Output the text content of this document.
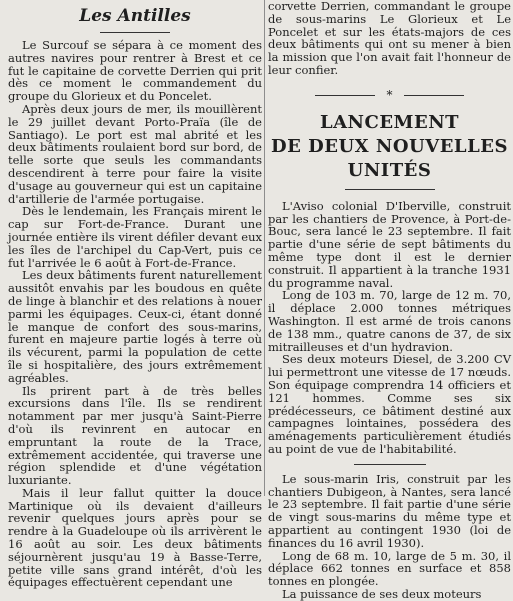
Les Antilles

Le Surcouf se sépara à ce moment des autres navires pour rentrer à Brest et ce fut le capitaine de corvette Derrien qui prit dès ce moment le commandement du groupe du Glorieux et du Poncelet.

Après deux jours de mer, ils mouillèrent le 29 juillet devant Porto-Praïa (île de Santiago). Le port est mal abrité et les deux bâtiments roulaient bord sur bord, de telle sorte que seuls les commandants descendirent à terre pour faire la visite d'usage au gouverneur qui est un capitaine d'artillerie de l'armée portugaise.

Dès le lendemain, les Français mirent le cap sur Fort-de-France. Durant une journée entière ils virent défiler devant eux les îles de l'archipel du Cap-Vert, puis ce fut l'arrivée le 6 août à Fort-de-France.

Les deux bâtiments furent naturellement aussitôt envahis par les boudous en quête de linge à blanchir et des relations à nouer parmi les équipages. Ceux-ci, étant donné le manque de confort des sous-marins, furent en majeure partie logés à terre où ils vécurent, parmi la population de cette île si hospitalière, des jours extrêmement agréables.

Ils prirent part à de très belles excursions dans l'île. Ils se rendirent notamment par mer jusqu'à Saint-Pierre d'où ils revinrent en autocar en empruntant la route de la Trace, extrêmement accidentée, qui traverse une région splendide et d'une végétation luxuriante.

Mais il leur fallut quitter la douce Martinique où ils devaient d'ailleurs revenir quelques jours après pour se rendre à la Guadeloupe où ils arrivèrent le 16 août au soir. Les deux bâtiments séjournèrent jusqu'au 19 à Basse-Terre, petite ville sans grand intérêt, d'où les équipages effectuèrent cependant une

corvette Derrien, commandant le groupe de sous-marins Le Glorieux et Le Poncelet et sur les états-majors de ces deux bâtiments qui ont su mener à bien la mission que l'on avait fait l'honneur de leur confier.

*
LANCEMENT
DE DEUX NOUVELLES UNITÉS

L'Aviso colonial D'Iberville, construit par les chantiers de Provence, à Port-de-Bouc, sera lancé le 23 septembre. Il fait partie d'une série de sept bâtiments du même type dont il est le dernier construit. Il appartient à la tranche 1931 du programme naval.

Long de 103 m. 70, large de 12 m. 70, il déplace 2.000 tonnes métriques Washington. Il est armé de trois canons de 138 mm., quatre canons de 37, de six mitrailleuses et d'un hydravion.

Ses deux moteurs Diesel, de 3.200 CV lui permettront une vitesse de 17 nœuds. Son équipage comprendra 14 officiers et 121 hommes. Comme ses six prédécesseurs, ce bâtiment destiné aux campagnes lointaines, possédera des aménagements particulièrement étudiés au point de vue de l'habitabilité.

Le sous-marin Iris, construit par les chantiers Dubigeon, à Nantes, sera lancé le 23 septembre. Il fait partie d'une série de vingt sous-marins du même type et appartient au contingent 1930 (loi de finances du 16 avril 1930).

Long de 68 m. 10, large de 5 m. 30, il déplace 662 tonnes en surface et 858 tonnes en plongée.

La puissance de ses deux moteurs
